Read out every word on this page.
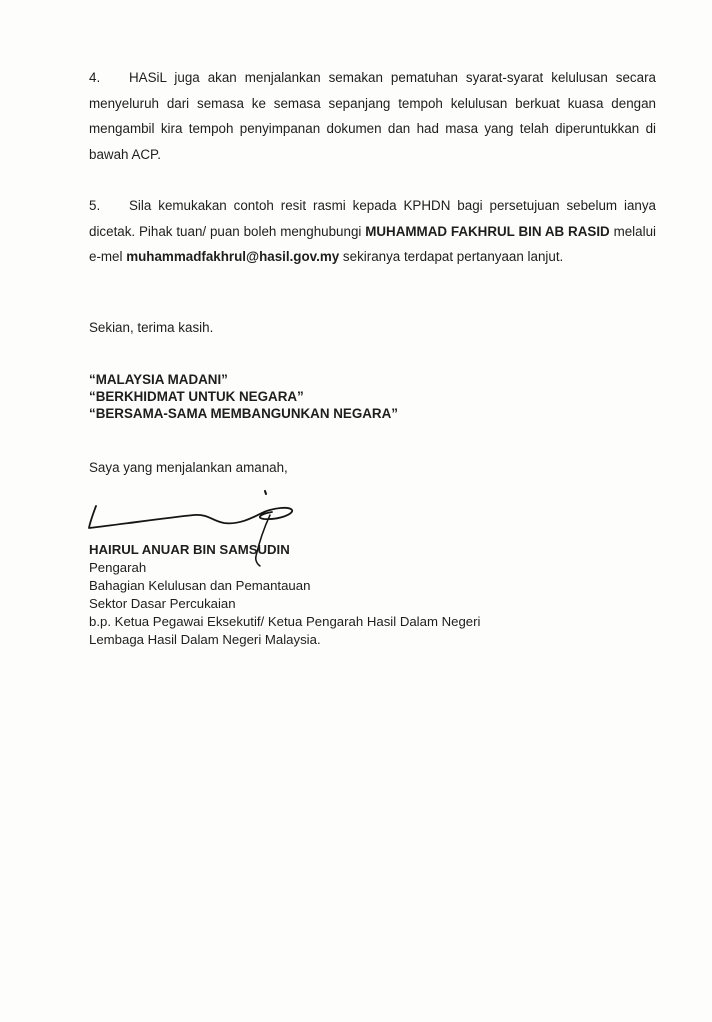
4. HASiL juga akan menjalankan semakan pematuhan syarat-syarat kelulusan secara menyeluruh dari semasa ke semasa sepanjang tempoh kelulusan berkuat kuasa dengan mengambil kira tempoh penyimpanan dokumen dan had masa yang telah diperuntukkan di bawah ACP.

5. Sila kemukakan contoh resit rasmi kepada KPHDN bagi persetujuan sebelum ianya dicetak. Pihak tuan/ puan boleh menghubungi MUHAMMAD FAKHRUL BIN AB RASID melalui e-mel muhammadfakhrul@hasil.gov.my sekiranya terdapat pertanyaan lanjut.

Sekian, terima kasih.

“MALAYSIA MADANI”

“BERKHIDMAT UNTUK NEGARA”

“BERSAMA-SAMA MEMBANGUNKAN NEGARA”

Saya yang menjalankan amanah,

HAIRUL ANUAR BIN SAMSUDIN
Pengarah
Bahagian Kelulusan dan Pemantauan
Sektor Dasar Percukaian
b.p. Ketua Pegawai Eksekutif/ Ketua Pengarah Hasil Dalam Negeri
Lembaga Hasil Dalam Negeri Malaysia.
